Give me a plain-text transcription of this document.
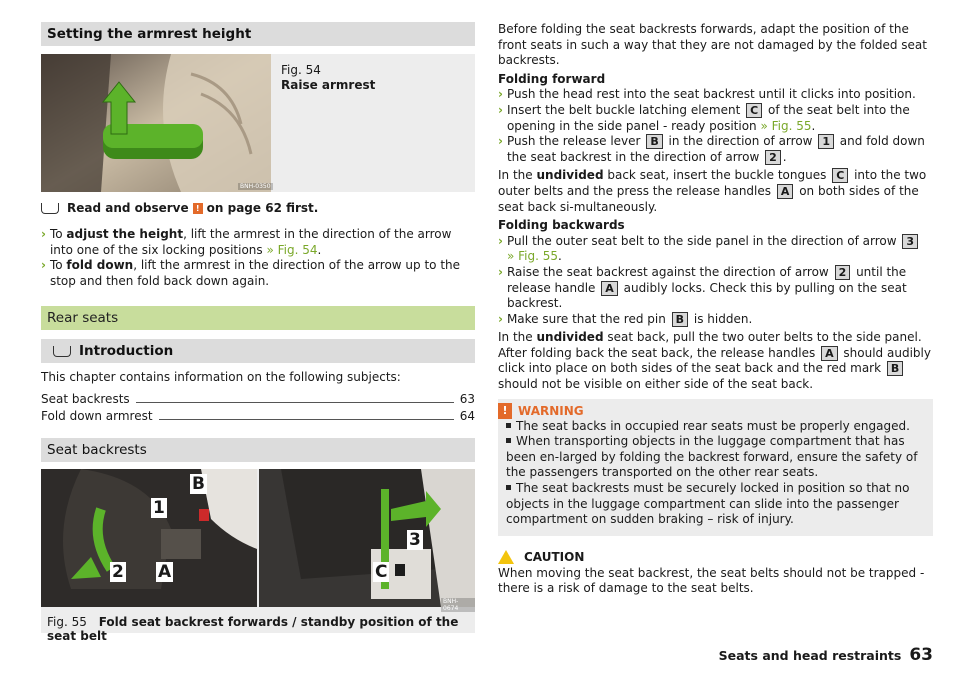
Setting the armrest height
BNH-0350
Fig. 54
Raise armrest
Read and observe ! on page 62 first.
› To adjust the height, lift the armrest in the direction of the arrow into one of the six locking positions » Fig. 54.
› To fold down, lift the armrest in the direction of the arrow up to the stop and then fold back down again.
Rear seats
Introduction

This chapter contains information on the following subjects:

Seat backrests	63
Fold down armrest	64
Seat backrests
B
1
2 A
3
C
BNH-0674
Fig. 55 Fold seat backrest forwards / standby position of the seat belt

Before folding the seat backrests forwards, adapt the position of the front seats in such a way that they are not damaged by the folded seat backrests.

Folding forward
› Push the head rest into the seat backrest until it clicks into position.
› Insert the belt buckle latching element C of the seat belt into the opening in the side panel - ready position » Fig. 55.
› Push the release lever B in the direction of arrow 1 and fold down the seat backrest in the direction of arrow 2 .

In the undivided back seat, insert the buckle tongues C into the two outer belts and the press the release handles A on both sides of the seat back si-multaneously.

Folding backwards
› Pull the outer seat belt to the side panel in the direction of arrow 3
» Fig. 55.
› Raise the seat backrest against the direction of arrow 2 until the release handle A audibly locks. Check this by pulling on the seat backrest.
› Make sure that the red pin B is hidden.

In the undivided seat back, pull the two outer belts to the side panel. After folding back the seat back, the release handles A should audibly click into place on both sides of the seat back and the red mark B should not be visible on either side of the seat back.

! WARNING
The seat backs in occupied rear seats must be properly engaged.
When transporting objects in the luggage compartment that has been en-larged by folding the backrest forward, ensure the safety of the passengers transported on the other rear seats.
The seat backrests must be securely locked in position so that no objects in the luggage compartment can slide into the passenger compartment on sudden braking – risk of injury.
CAUTION

When moving the seat backrest, the seat belts should not be trapped - there is a risk of damage to the seat belts.

Seats and head restraints 63
